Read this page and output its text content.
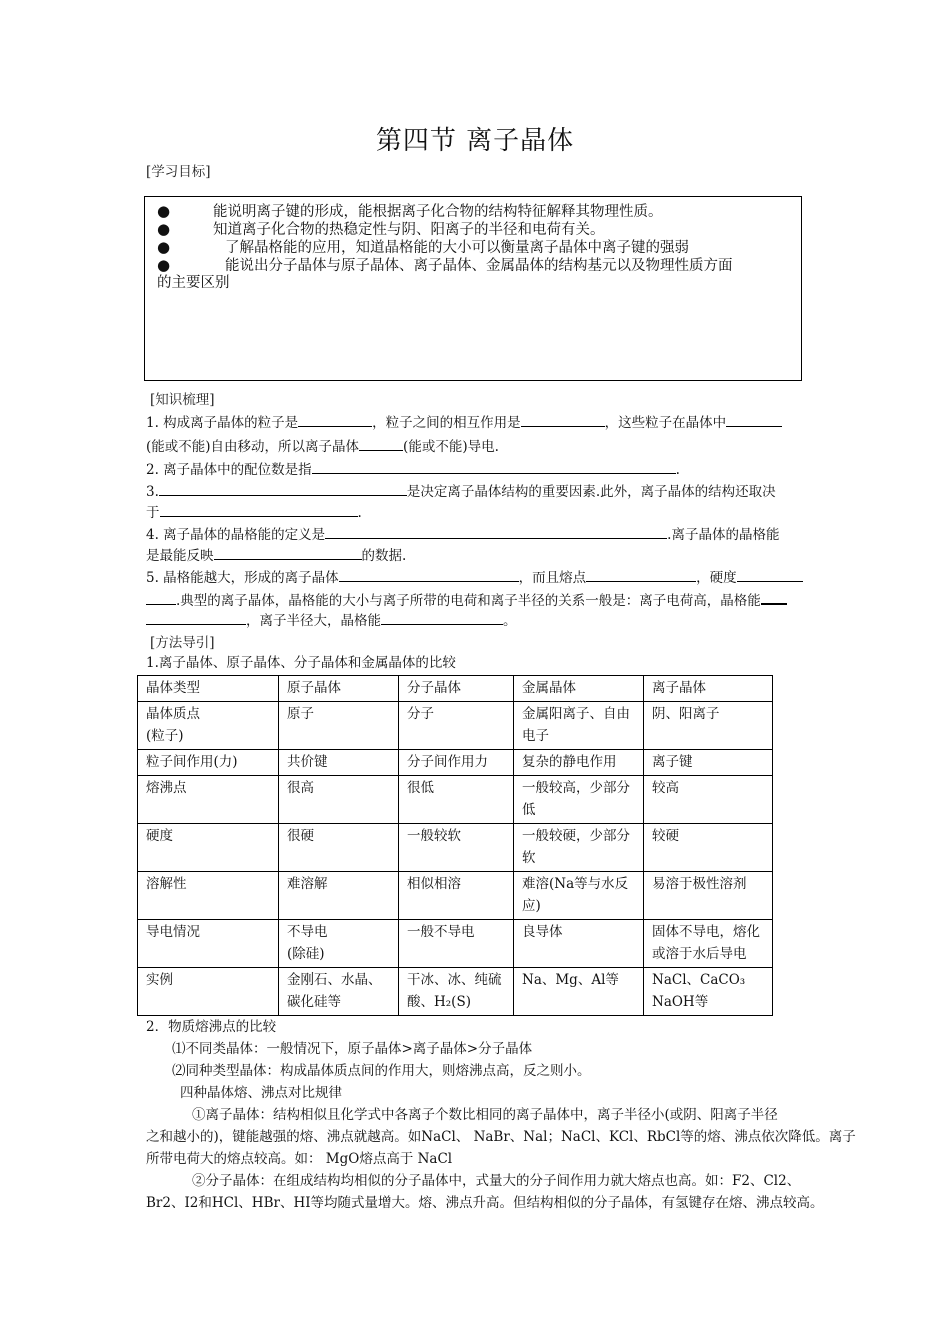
第四节 离子晶体
[学习目标]
●	能说明离子键的形成，能根据离子化合物的结构特征解释其物理性质。
●	知道离子化合物的热稳定性与阴、阳离子的半径和电荷有关。
●	了解晶格能的应用，知道晶格能的大小可以衡量离子晶体中离子键的强弱
●	能说出分子晶体与原子晶体、离子晶体、金属晶体的结构基元以及物理性质方面
的主要区别
[知识梳理]
1. 构成离子晶体的粒子是	，粒子之间的相互作用是	，这些粒子在晶体中
(能或不能)自由移动，所以离子晶体	(能或不能)导电.
2. 离子晶体中的配位数是指	.
3.	是决定离子晶体结构的重要因素.此外，离子晶体的结构还取决
于	.
4. 离子晶体的晶格能的定义是	.离子晶体的晶格能
是最能反映	的数据.
5. 晶格能越大，形成的离子晶体	，而且熔点	，硬度
.典型的离子晶体，晶格能的大小与离子所带的电荷和离子半径的关系一般是：离子电荷高，晶格能
，离子半径大，晶格能	。
[方法导引]
1.离子晶体、原子晶体、分子晶体和金属晶体的比较
晶体类型	原子晶体	分子晶体	金属晶体	离子晶体
晶体质点
(粒子)	原子	分子	金属阳离子、自由
电子	阴、阳离子
粒子间作用(力)	共价键	分子间作用力	复杂的静电作用	离子键
熔沸点	很高	很低	一般较高，少部分
低	较高
硬度	很硬	一般较软	一般较硬，少部分
软	较硬
溶解性	难溶解	相似相溶	难溶(Na等与水反
应)	易溶于极性溶剂
导电情况	不导电
(除硅)	一般不导电	良导体	固体不导电，熔化
或溶于水后导电
实例	金刚石、水晶、
碳化硅等	干冰、冰、纯硫
酸、H₂(S)	Na、Mg、Al等	NaCl、CaCO₃
NaOH等
2．物质熔沸点的比较
⑴不同类晶体：一般情况下，原子晶体>离子晶体>分子晶体
⑵同种类型晶体：构成晶体质点间的作用大，则熔沸点高，反之则小。
四种晶体熔、沸点对比规律
①离子晶体：结构相似且化学式中各离子个数比相同的离子晶体中，离子半径小(或阴、阳离子半径
之和越小的)，键能越强的熔、沸点就越高。如NaCl、 NaBr、Nal；NaCl、KCl、RbCl等的熔、沸点依次降低。离子
所带电荷大的熔点较高。如： MgO熔点高于 NaCl
②分子晶体：在组成结构均相似的分子晶体中，式量大的分子间作用力就大熔点也高。如：F2、Cl2、
Br2、I2和HCl、HBr、HI等均随式量增大。熔、沸点升高。但结构相似的分子晶体，有氢键存在熔、沸点较高。
